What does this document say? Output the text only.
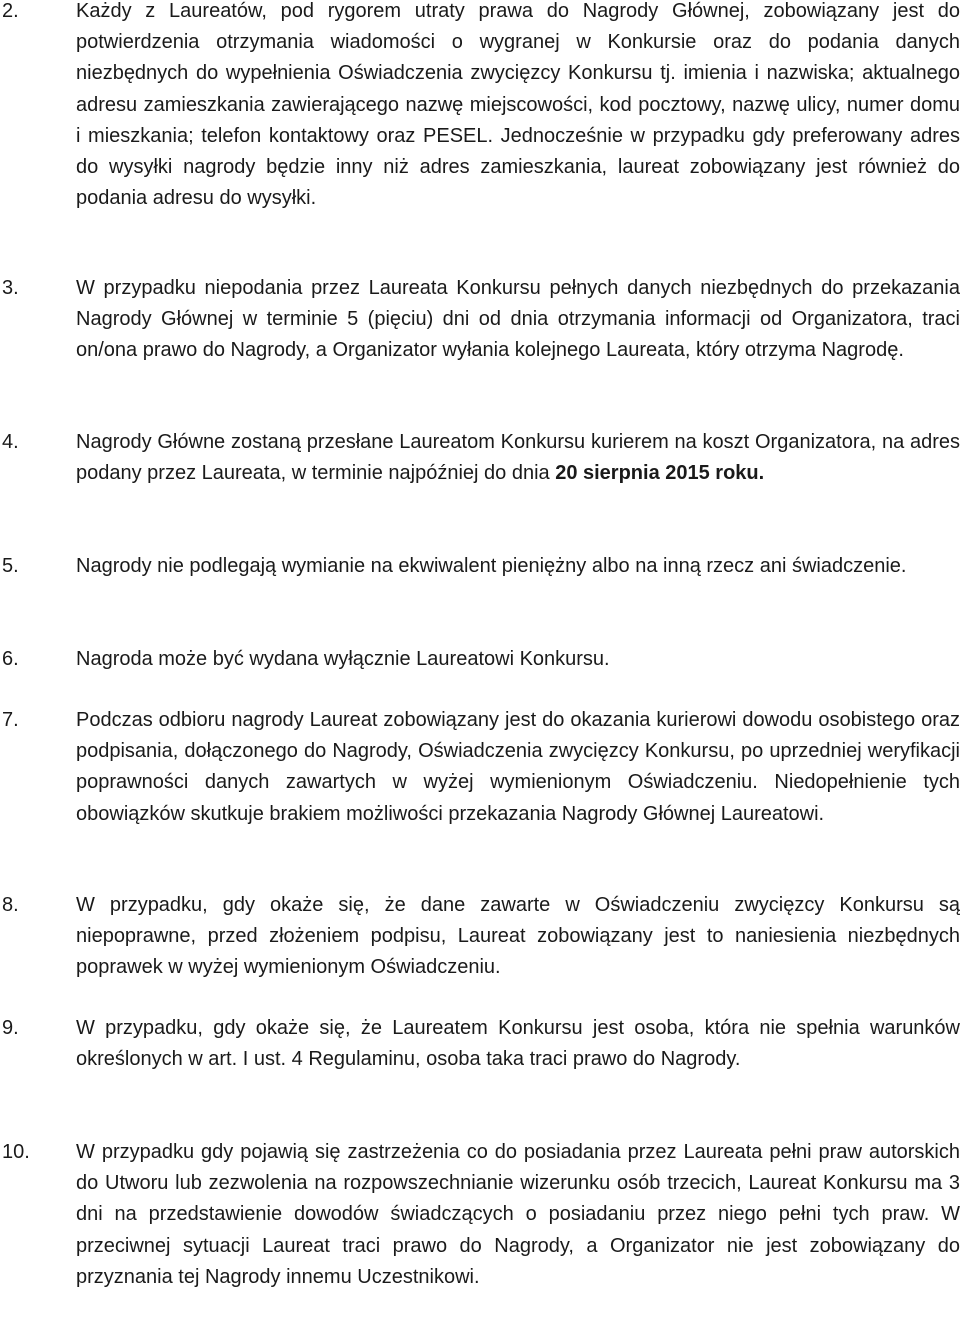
2.	Każdy z Laureatów, pod rygorem utraty prawa do Nagrody Głównej, zobowiązany jest do potwierdzenia otrzymania wiadomości o wygranej w Konkursie oraz do podania danych niezbędnych do wypełnienia Oświadczenia zwycięzcy Konkursu tj. imienia i nazwiska; aktualnego adresu zamieszkania zawierającego nazwę miejscowości, kod pocztowy, nazwę ulicy, numer domu i mieszkania; telefon kontaktowy oraz PESEL. Jednocześnie w przypadku gdy preferowany adres do wysyłki nagrody będzie inny niż adres zamieszkania, laureat zobowiązany jest również do podania adresu do wysyłki.
3.	W przypadku niepodania przez Laureata Konkursu pełnych danych niezbędnych do przekazania Nagrody Głównej w terminie 5 (pięciu) dni od dnia otrzymania informacji od Organizatora, traci on/ona prawo do Nagrody, a Organizator wyłania kolejnego Laureata, który otrzyma Nagrodę.
4.	Nagrody Główne zostaną przesłane Laureatom Konkursu kurierem na koszt Organizatora, na adres podany przez Laureata, w terminie najpóźniej do dnia 20 sierpnia 2015 roku.
5.	Nagrody nie podlegają wymianie na ekwiwalent pieniężny albo na inną rzecz ani świadczenie.
6.	Nagroda może być wydana wyłącznie Laureatowi Konkursu.
7.	Podczas odbioru nagrody Laureat zobowiązany jest do okazania kurierowi dowodu osobistego oraz podpisania, dołączonego do Nagrody, Oświadczenia zwycięzcy Konkursu, po uprzedniej weryfikacji poprawności danych zawartych w wyżej wymienionym Oświadczeniu. Niedopełnienie tych obowiązków skutkuje brakiem możliwości przekazania Nagrody Głównej Laureatowi.
8.	W przypadku, gdy okaże się, że dane zawarte w Oświadczeniu zwycięzcy Konkursu są niepoprawne, przed złożeniem podpisu, Laureat zobowiązany jest to naniesienia niezbędnych poprawek w wyżej wymienionym Oświadczeniu.
9.	W przypadku, gdy okaże się, że Laureatem Konkursu jest osoba, która nie spełnia warunków określonych w art. I ust. 4 Regulaminu, osoba taka traci prawo do Nagrody.
10.	W przypadku gdy pojawią się zastrzeżenia co do posiadania przez Laureata pełni praw autorskich do Utworu lub zezwolenia na rozpowszechnianie wizerunku osób trzecich, Laureat Konkursu ma 3 dni na przedstawienie dowodów świadczących o posiadaniu przez niego pełni tych praw. W przeciwnej sytuacji Laureat traci prawo do Nagrody, a Organizator nie jest zobowiązany do przyznania tej Nagrody innemu Uczestnikowi.
